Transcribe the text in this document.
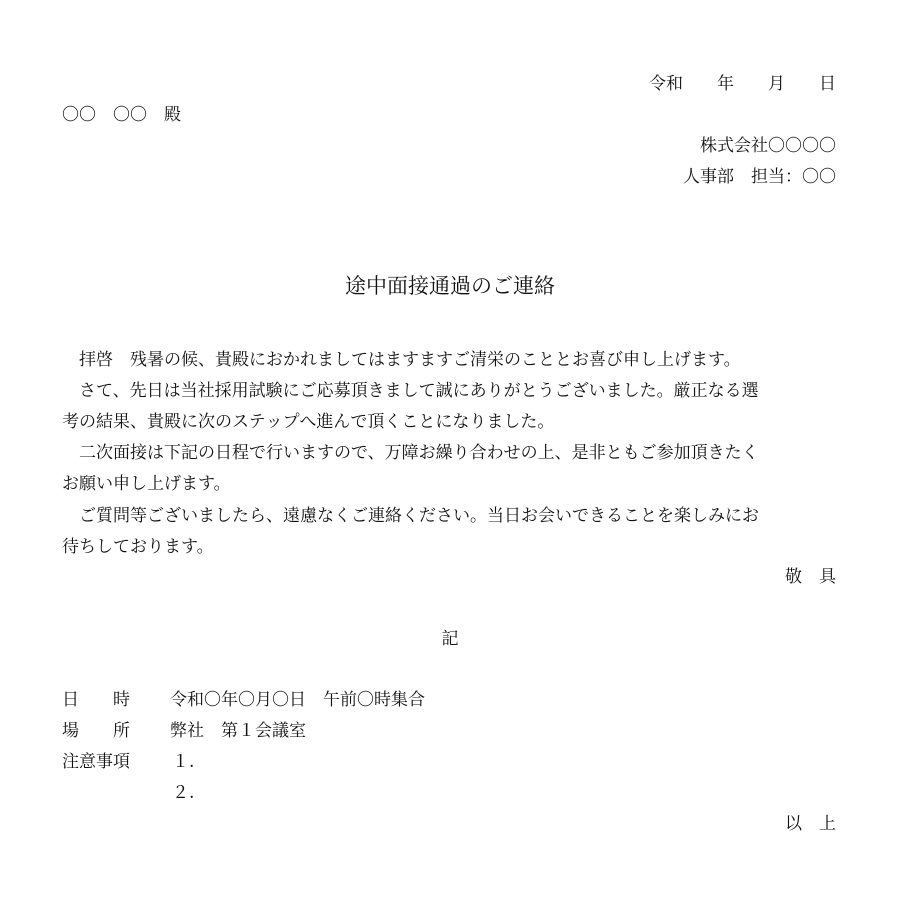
令和　　年　　月　　日
〇〇　〇〇　殿
株式会社〇〇〇〇
人事部　担当：〇〇
途中面接通過のご連絡
　拝啓　残暑の候、貴殿におかれましてはますますご清栄のこととお喜び申し上げます。
　さて、先日は当社採用試験にご応募頂きまして誠にありがとうございました。厳正なる選
考の結果、貴殿に次のステップへ進んで頂くことになりました。
　二次面接は下記の日程で行いますので、万障お繰り合わせの上、是非ともご参加頂きたく
お願い申し上げます。
　ご質問等ございましたら、遠慮なくご連絡ください。当日お会いできることを楽しみにお
待ちしております。
敬　具
記
日　　時 令和〇年〇月〇日　午前〇時集合
場　　所 弊社　第１会議室
注意事項 １.
２.
以　上
